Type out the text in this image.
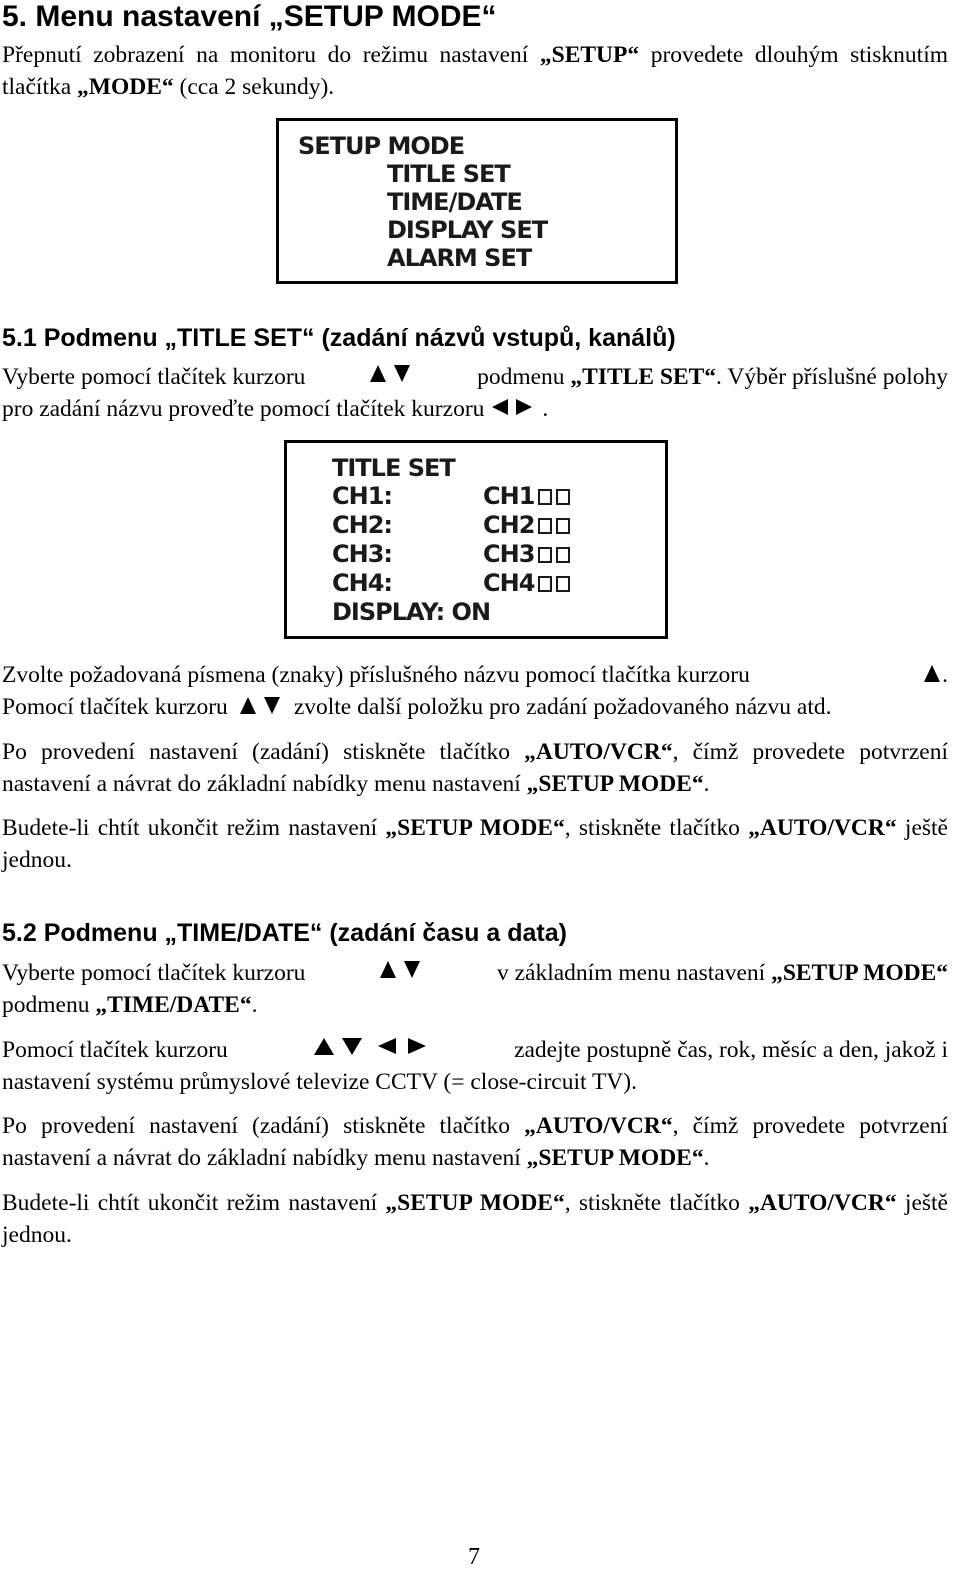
5. Menu nastavení „SETUP MODE“

Přepnutí zobrazení na monitoru do režimu nastavení „SETUP“ provedete dlouhým stisknutím tlačítka „MODE“ (cca 2 sekundy).

SETUP MODE
TITLE SET
TIME/DATE
DISPLAY SET
ALARM SET
5.1 Podmenu „TITLE SET“ (zadání názvů vstupů, kanálů)

Vyberte pomocí tlačítek kurzoru	podmenu „TITLE SET“. Výběr příslušné polohy
pro zadání názvu proveďte pomocí tlačítek kurzoru .

TITLE SET
CH1:	CH1
CH2:	CH2
CH3:	CH3
CH4:	CH4
DISPLAY: ON

Zvolte požadovaná písmena (znaky) příslušného názvu pomocí tlačítka kurzoru	.
Pomocí tlačítek kurzoru	zvolte další položku pro zadání požadovaného názvu atd.

Po provedení nastavení (zadání) stiskněte tlačítko „AUTO/VCR“, čímž provedete potvrzení nastavení a návrat do základní nabídky menu nastavení „SETUP MODE“.

Budete-li chtít ukončit režim nastavení „SETUP MODE“, stiskněte tlačítko „AUTO/VCR“ ještě jednou.

5.2 Podmenu „TIME/DATE“ (zadání času a data)

Vyberte pomocí tlačítek kurzoru	v základním menu nastavení „SETUP MODE“
podmenu „TIME/DATE“.

Pomocí tlačítek kurzoru	zadejte postupně čas, rok, měsíc a den, jakož i
nastavení systému průmyslové televize CCTV (= close-circuit TV).

Po provedení nastavení (zadání) stiskněte tlačítko „AUTO/VCR“, čímž provedete potvrzení nastavení a návrat do základní nabídky menu nastavení „SETUP MODE“.

Budete-li chtít ukončit režim nastavení „SETUP MODE“, stiskněte tlačítko „AUTO/VCR“ ještě jednou.

7
